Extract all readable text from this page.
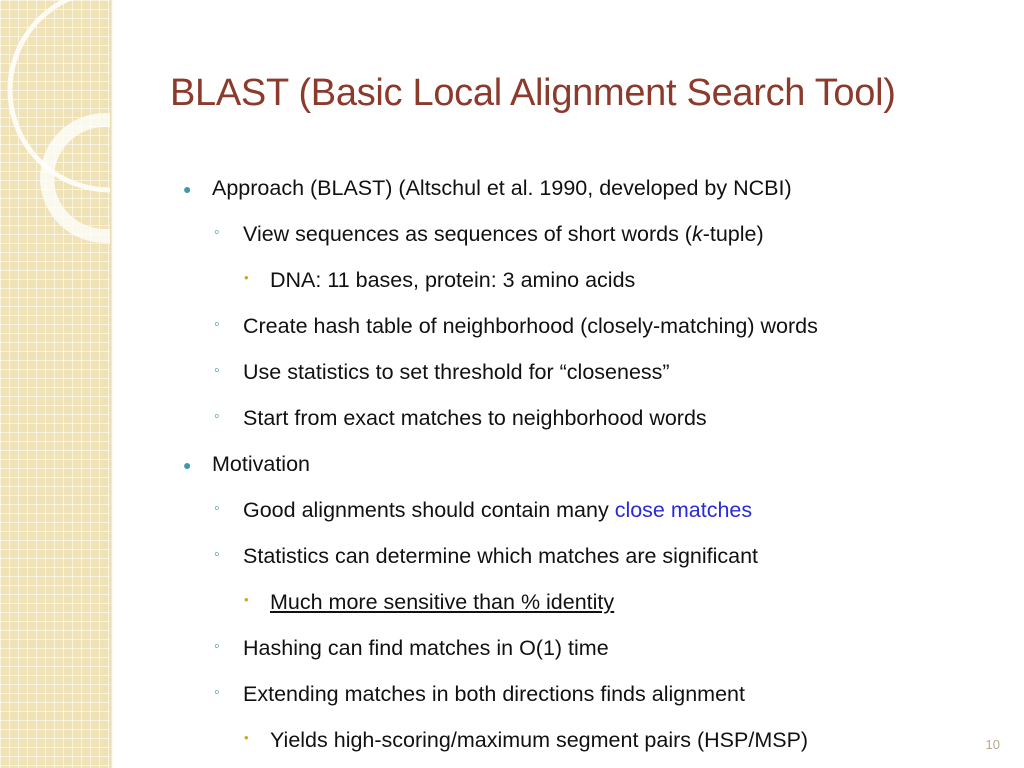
BLAST (Basic Local Alignment Search Tool)
● Approach (BLAST) (Altschul et al. 1990, developed by NCBI)
◦ View sequences as sequences of short words (k-tuple)
• DNA: 11 bases, protein: 3 amino acids
◦ Create hash table of neighborhood (closely-matching) words
◦ Use statistics to set threshold for “closeness”
◦ Start from exact matches to neighborhood words
● Motivation
◦ Good alignments should contain many close matches
◦ Statistics can determine which matches are significant
• Much more sensitive than % identity
◦ Hashing can find matches in O(1) time
◦ Extending matches in both directions finds alignment
• Yields high-scoring/maximum segment pairs (HSP/MSP)	10
